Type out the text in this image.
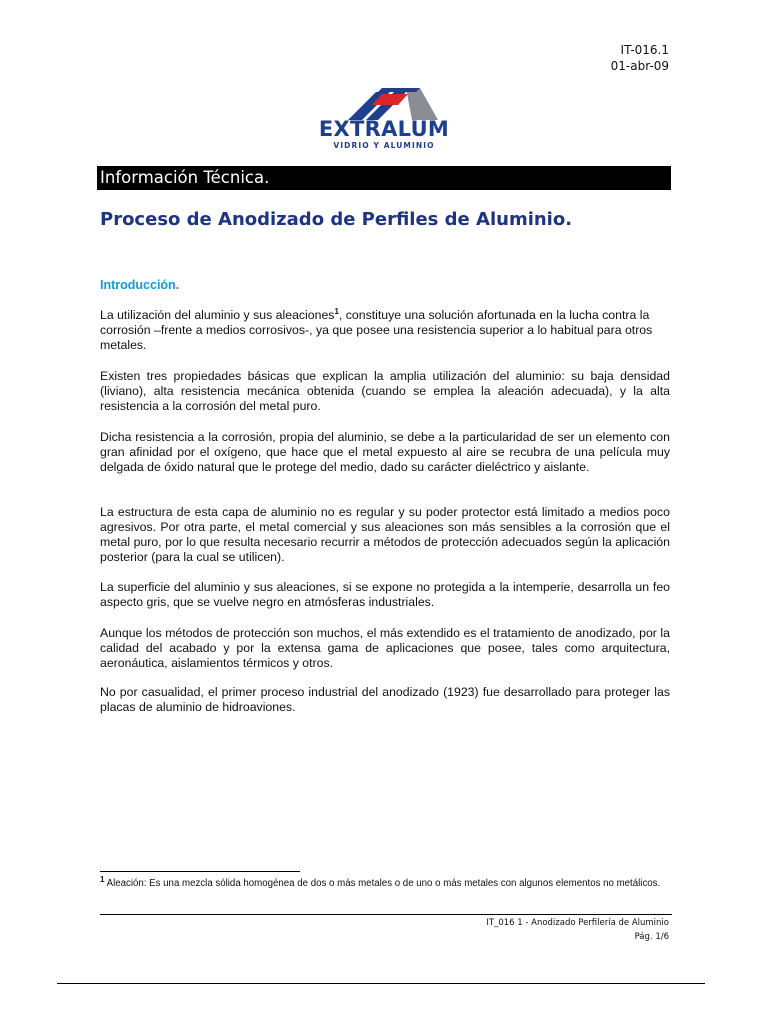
IT-016.1
01-abr-09
EXTRALUM
VIDRIO Y ALUMINIO
Información Técnica.
Proceso de Anodizado de Perfiles de Aluminio.
Introducción.

La utilización del aluminio y sus aleaciones$^1$, constituye una solución afortunada en la lucha contra la corrosión –frente a medios corrosivos-, ya que posee una resistencia superior a lo habitual para otros metales.

Existen tres propiedades básicas que explican la amplia utilización del aluminio: su baja densidad (liviano), alta resistencia mecánica obtenida (cuando se emplea la aleación adecuada), y la alta resistencia a la corrosión del metal puro.

Dicha resistencia a la corrosión, propia del aluminio, se debe a la particularidad de ser un elemento con gran afinidad por el oxígeno, que hace que el metal expuesto al aire se recubra de una película muy delgada de óxido natural que le protege del medio, dado su carácter dieléctrico y aislante.

La estructura de esta capa de aluminio no es regular y su poder protector está limitado a medios poco agresivos. Por otra parte, el metal comercial y sus aleaciones son más sensibles a la corrosión que el metal puro, por lo que resulta necesario recurrir a métodos de protección adecuados según la aplicación posterior (para la cual se utilicen).

La superficie del aluminio y sus aleaciones, si se expone no protegida a la intemperie, desarrolla un feo aspecto gris, que se vuelve negro en atmósferas industriales.

Aunque los métodos de protección son muchos, el más extendido es el tratamiento de anodizado, por la calidad del acabado y por la extensa gama de aplicaciones que posee, tales como arquitectura, aeronáutica, aislamientos térmicos y otros.

No por casualidad, el primer proceso industrial del anodizado (1923) fue desarrollado para proteger las placas de aluminio de hidroaviones.

$^1$ Aleación: Es una mezcla sólida homogénea de dos o más metales o de uno o más metales con algunos elementos no metálicos.
IT_016 1 - Anodizado Perfilería de Aluminio
Pág. 1/6
